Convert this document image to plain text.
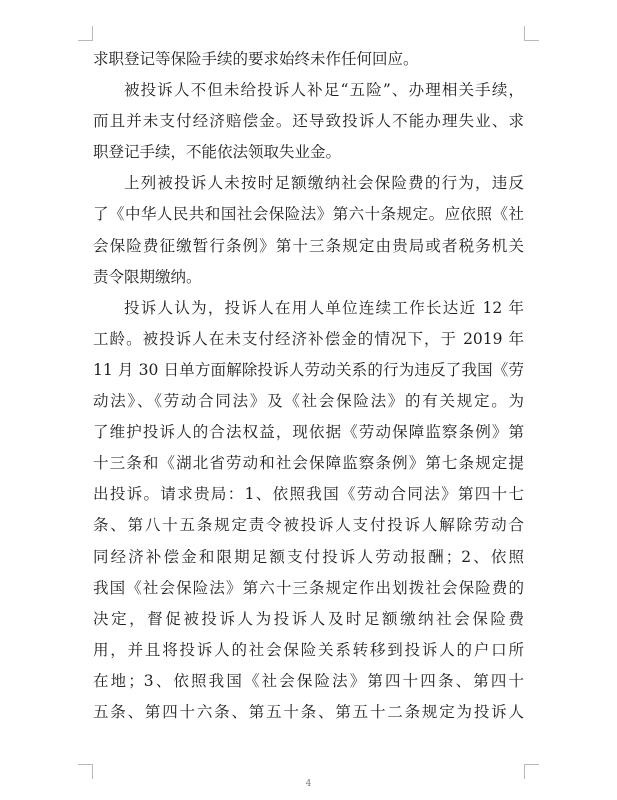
求职登记等保险手续的要求始终未作任何回应。
被投诉人不但未给投诉人补足“五险”、办理相关手续，
而且并未支付经济赔偿金。还导致投诉人不能办理失业、求
职登记手续，不能依法领取失业金。
上列被投诉人未按时足额缴纳社会保险费的行为，违反
了《中华人民共和国社会保险法》第六十条规定。应依照《社
会保险费征缴暂行条例》第十三条规定由贵局或者税务机关
责令限期缴纳。
投诉人认为，投诉人在用人单位连续工作长达近 12 年
工龄。被投诉人在未支付经济补偿金的情况下，于 2019 年
11 月 30 日单方面解除投诉人劳动关系的行为违反了我国《劳
动法》、《劳动合同法》及《社会保险法》的有关规定。为
了维护投诉人的合法权益，现依据《劳动保障监察条例》第
十三条和《湖北省劳动和社会保障监察条例》第七条规定提
出投诉。请求贵局：1、依照我国《劳动合同法》第四十七
条、第八十五条规定责令被投诉人支付投诉人解除劳动合
同经济补偿金和限期足额支付投诉人劳动报酬；2、依照
我国《社会保险法》第六十三条规定作出划拨社会保险费的
决定，督促被投诉人为投诉人及时足额缴纳社会保险费
用，并且将投诉人的社会保险关系转移到投诉人的户口所
在地；3、依照我国《社会保险法》第四十四条、第四十
五条、第四十六条、第五十条、第五十二条规定为投诉人
4
